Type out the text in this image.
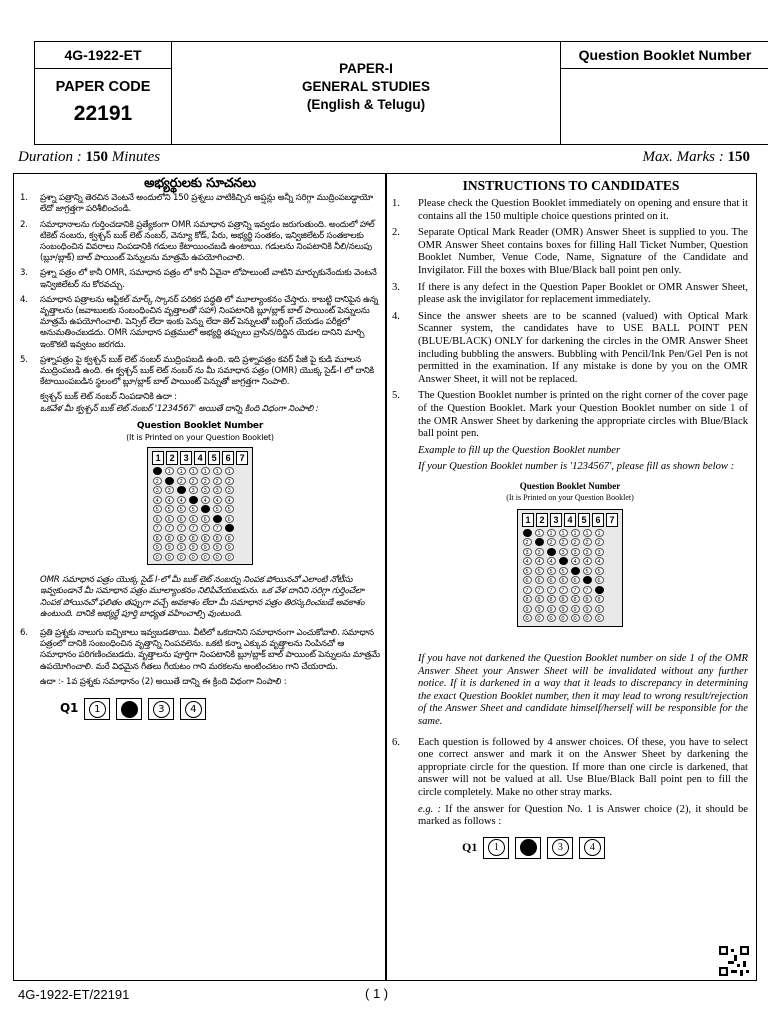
4G-1922-ET
PAPER CODE
22191
PAPER-I
GENERAL STUDIES
(English & Telugu)
Question Booklet Number
Duration : 150 Minutes	Max. Marks : 150
అభ్యర్థులకు సూచనలు
1.	ప్రశ్నా పత్రాన్ని తెరచిన వెంటనే అందులోని 150 ప్రశ్నలు వాటికిచ్చిన అప్షన్లు అన్నీ సరిగ్గా ముద్రింపబడ్డాయో లేదో జాగ్రత్తగా పరిశీలించండి.
2.	సమాధానాలను గుర్తించడానికి ప్రత్యేకంగా OMR సమాధాన పత్రాన్ని ఇవ్వడం జరుగుతుంది. అందులో హాల్ టికెట్ నంబరు, క్వశ్చన్ బుక్ లెట్ నంబర్, వెన్యూ కోడ్, పేరు, అభ్యర్థి సంతకం, ఇన్విజిలేటర్ సంతకాలకు సంబంధించిన వివరాలు నింపడానికి గడులు కేటాయించబడి ఉంటాయి. గడులను నింపటానికి నీలి/నలుపు (బ్లూ/బ్లాక్) బాల్ పాయింట్ పెన్నులను మాత్రమే ఉపయోగించాలి.
3.	ప్రశ్నా పత్రం లో కానీ OMR, సమాధాన పత్రం లో కానీ ఏవైనా లోపాలుంటే వాటిని మార్చుకునేందుకు వెంటనే ఇన్విజిలేటర్ ను కోరవచ్చు.
4.	సమాధాన పత్రాలను ఆప్టికల్ మార్క్ స్కానర్ పరికర పద్ధతి లో మూల్యాంకనం చేస్తారు. కాబట్టి దానిపైన ఉన్న వృత్తాలను (జవాబులకు సంబంధించిన వృత్తాలతో సహా) నింపటానికి బ్లూ/బ్లాక్ బాల్ పాయింట్ పెన్నులను మాత్రమే ఉపయోగించాలి. పెన్సిల్ లేదా ఇంకు పెన్ను లేదా జెల్ పెన్నులతో బబ్లింగ్ చేయడం పరీక్షలో అనుమతించబడదు. OMR సమాధాన పత్రములో అభ్యర్థి తప్పులు వ్రాసిన/దిద్దిన యెడల దానిని మార్చి ఇంకొకటి ఇవ్వటం జరగదు.
5.	ప్రశ్నాపత్రం పై క్వశ్చన్ బుక్ లెట్ నంబర్ ముద్రింపబడి ఉంది. ఇది ప్రశ్నాపత్రం కవర్ పేజీ పై కుడి మూలన ముద్రింపబడి ఉంది. ఈ క్వశ్చన్ బుక్ లెట్ నంబర్ ను మీ సమాధాన పత్రం (OMR) యొక్క సైడ్-I లో దానికి కేటాయింపబడిన స్థలంలో బ్లూ/బ్లాక్ బాల్ పాయింట్ పెన్నుతో జాగ్రత్తగా నింపాలి.
క్వశ్చన్ బుక్ లెట్ నంబర్ నింపడానికి ఉదా :
ఒకవేళ మీ క్వశ్చన్ బుక్ లెట్ నంబర్ '1234567' అయితే దాన్ని కింది విధంగా నింపాలి :
Question Booklet Number
(It is Printed on your Question Booklet)
1	2	3	4	5	6	7
1	1	1	1	1	1	1
2	2	2	2	2	2	2
3	3	3	3	3	3	3
4	4	4	4	4	4	4
5	5	5	5	5	5	5
6	6	6	6	6	6	6
7	7	7	7	7	7	7
8	8	8	8	8	8	8
9	9	9	9	9	9	9
0	0	0	0	0	0	0
OMR సమాధాన పత్రం యొక్క సైడ్ I-లో మీ బుక్ లెట్ నంబర్ను నింపక పోయినచో ఎలాంటి నోటీసు ఇవ్వకుండానే మీ సమాధాన పత్రం మూల్యాంకనం నిలిపివేయబడును. ఒక వేళ దానిని సరిగ్గా గుర్తించేలా నింపక పోయినచో ఫలితం తప్పుగా వచ్చే అవకాశం లేదా మీ సమాధాన పత్రం తిరస్కరించబడే అవకాశం ఉంటుంది. దానికి అభ్యర్థే పూర్తి బాధ్యత వహించాల్సి వుంటుంది.
6.	ప్రతి ప్రశ్నకు నాలుగు ఐచ్ఛికాలు ఇవ్వబడతాయి. వీటిలో ఒకదానిని సమాధానంగా ఎంచుకోవాలి. సమాధాన పత్రంలో దానికి సంబంధించిన వృత్తాన్ని నింపవలెను. ఒకటి కన్నా ఎక్కువ వృత్తాలను నింపినచో ఆ సమాధానం పరిగణించబడదు. వృత్తాలను పూర్తిగా నింపటానికి బ్లూ/బ్లాక్ బాల్ పాయింట్ పెన్నులను మాత్రమే ఉపయోగించాలి. మరే విధమైన గీతలు గీయటం గాని మరకలను అంటించటం గాని చేయరాదు.
ఉదా :- 1వ ప్రశ్నకు సమాధానం (2) అయితే దాన్ని ఈ క్రింది విధంగా నింపాలి :
Q1	1	3	4
INSTRUCTIONS TO CANDIDATES
1.	Please check the Question Booklet immediately on opening and ensure that it contains all the 150 multiple choice questions printed on it.
2.	Separate Optical Mark Reader (OMR) Answer Sheet is supplied to you. The OMR Answer Sheet contains boxes for filling Hall Ticket Number, Question Booklet Number, Venue Code, Name, Signature of the Candidate and Invigilator. Fill the boxes with Blue/Black ball point pen only.
3.	If there is any defect in the Question Paper Booklet or OMR Answer Sheet, please ask the invigilator for replacement immediately.
4.	Since the answer sheets are to be scanned (valued) with Optical Mark Scanner system, the candidates have to USE BALL POINT PEN (BLUE/BLACK) ONLY for darkening the circles in the OMR Answer Sheet including bubbling the answers. Bubbling with Pencil/Ink Pen/Gel Pen is not permitted in the examination. If any mistake is done by you on the OMR Answer Sheet, it will not be replaced.
5.	The Question Booklet number is printed on the right corner of the cover page of the Question Booklet. Mark your Question Booklet number on side 1 of the OMR Answer Sheet by darkening the appropriate circles with Blue/Black ball point pen.
Example to fill up the Question Booklet number
If your Question Booklet number is '1234567', please fill as shown below :
Question Booklet Number
(It is Printed on your Question Booklet)
1 2 3 4 5 6 7
1	1	1	1	1	1	1
2	2	2	2	2	2	2
3	3	3	3	3	3	3
4	4	4	4	4	4	4
5	5	5	5	5	5	5
6	6	6	6	6	6	6
7	7	7	7	7	7	7
8	8	8	8	8	8	8
9	9	9	9	9	9	9
0	0	0	0	0	0	0
If you have not darkened the Question Booklet number on side 1 of the OMR Answer Sheet your Answer Sheet will be invalidated without any further notice. If it is darkened in a way that it leads to discrepancy in determining the exact Question Booklet number, then it may lead to wrong result/rejection of the Answer Sheet and candidate himself/herself will be responsible for the same.
6.	Each question is followed by 4 answer choices. Of these, you have to select one correct answer and mark it on the Answer Sheet by darkening the appropriate circle for the question. If more than one circle is darkened, that answer will not be valued at all. Use Blue/Black Ball point pen to fill the circle completely. Make no other stray marks.
e.g. : If the answer for Question No. 1 is Answer choice (2), it should be marked as follows :
Q1	1	3	4
4G-1922-ET/22191	( 1 )
